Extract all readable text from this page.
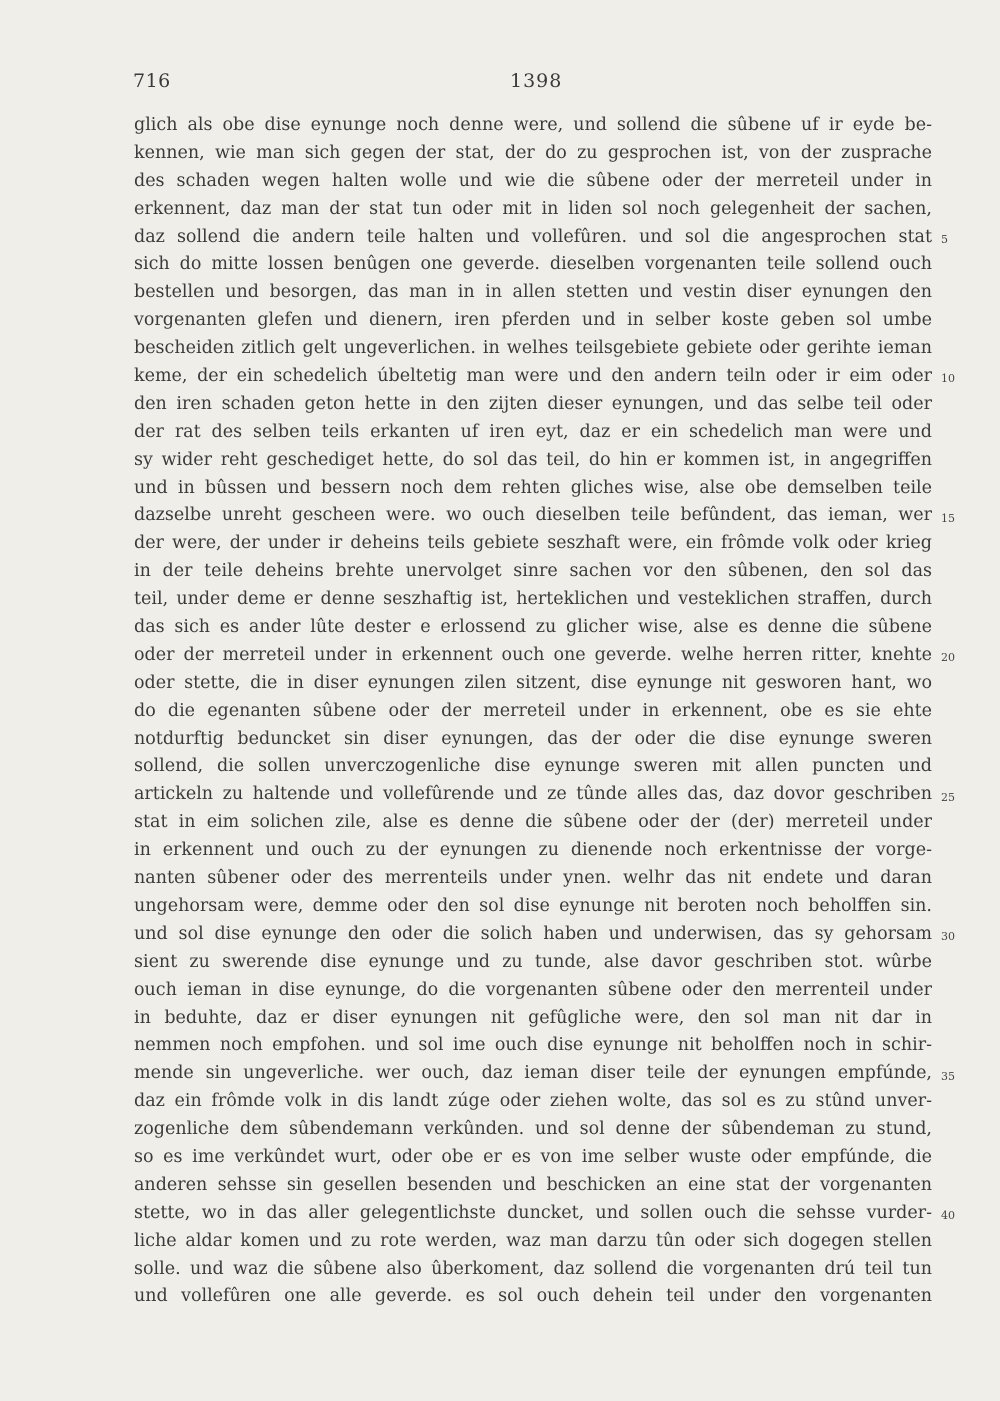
716	1398
glich als obe dise eynunge noch denne were, und sollend die sûbene uf ir eyde be-
kennen, wie man sich gegen der stat, der do zu gesprochen ist, von der zusprache
des schaden wegen halten wolle und wie die sûbene oder der merreteil under in
erkennent, daz man der stat tun oder mit in liden sol noch gelegenheit der sachen,
daz sollend die andern teile halten und vollefûren. und sol die angesprochen stat
sich do mitte lossen benûgen one geverde. dieselben vorgenanten teile sollend ouch
bestellen und besorgen, das man in in allen stetten und vestin diser eynungen den
vorgenanten glefen und dienern, iren pferden und in selber koste geben sol umbe
bescheiden zitlich gelt ungeverlichen. in welhes teilsgebiete gebiete oder gerihte ieman
keme, der ein schedelich úbeltetig man were und den andern teiln oder ir eim oder
den iren schaden geton hette in den zijten dieser eynungen, und das selbe teil oder
der rat des selben teils erkanten uf iren eyt, daz er ein schedelich man were und
sy wider reht geschediget hette, do sol das teil, do hin er kommen ist, in angegriffen
und in bûssen und bessern noch dem rehten gliches wise, alse obe demselben teile
dazselbe unreht gescheen were. wo ouch dieselben teile befûndent, das ieman, wer
der were, der under ir deheins teils gebiete seszhaft were, ein frômde volk oder krieg
in der teile deheins brehte unervolget sinre sachen vor den sûbenen, den sol das
teil, under deme er denne seszhaftig ist, herteklichen und vesteklichen straffen, durch
das sich es ander lûte dester e erlossend zu glicher wise, alse es denne die sûbene
oder der merreteil under in erkennent ouch one geverde. welhe herren ritter, knehte
oder stette, die in diser eynungen zilen sitzent, dise eynunge nit gesworen hant, wo
do die egenanten sûbene oder der merreteil under in erkennent, obe es sie ehte
notdurftig beduncket sin diser eynungen, das der oder die dise eynunge sweren
sollend, die sollen unverczogenliche dise eynunge sweren mit allen puncten und
artickeln zu haltende und vollefûrende und ze tûnde alles das, daz dovor geschriben
stat in eim solichen zile, alse es denne die sûbene oder der (der) merreteil under
in erkennent und ouch zu der eynungen zu dienende noch erkentnisse der vorge-
nanten sûbener oder des merrenteils under ynen. welhr das nit endete und daran
ungehorsam were, demme oder den sol dise eynunge nit beroten noch beholffen sin.
und sol dise eynunge den oder die solich haben und underwisen, das sy gehorsam
sient zu swerende dise eynunge und zu tunde, alse davor geschriben stot. wûrbe
ouch ieman in dise eynunge, do die vorgenanten sûbene oder den merrenteil under
in beduhte, daz er diser eynungen nit gefûgliche were, den sol man nit dar in
nemmen noch empfohen. und sol ime ouch dise eynunge nit beholffen noch in schir-
mende sin ungeverliche. wer ouch, daz ieman diser teile der eynungen empfúnde,
daz ein frômde volk in dis landt zúge oder ziehen wolte, das sol es zu stûnd unver-
zogenliche dem sûbendemann verkûnden. und sol denne der sûbendeman zu stund,
so es ime verkûndet wurt, oder obe er es von ime selber wuste oder empfúnde, die
anderen sehsse sin gesellen besenden und beschicken an eine stat der vorgenanten
stette, wo in das aller gelegentlichste duncket, und sollen ouch die sehsse vurder-
liche aldar komen und zu rote werden, waz man darzu tûn oder sich dogegen stellen
solle. und waz die sûbene also ûberkoment, daz sollend die vorgenanten drú teil tun
und vollefûren one alle geverde. es sol ouch dehein teil under den vorgenanten
5
10
15
20
25
30
35
40
